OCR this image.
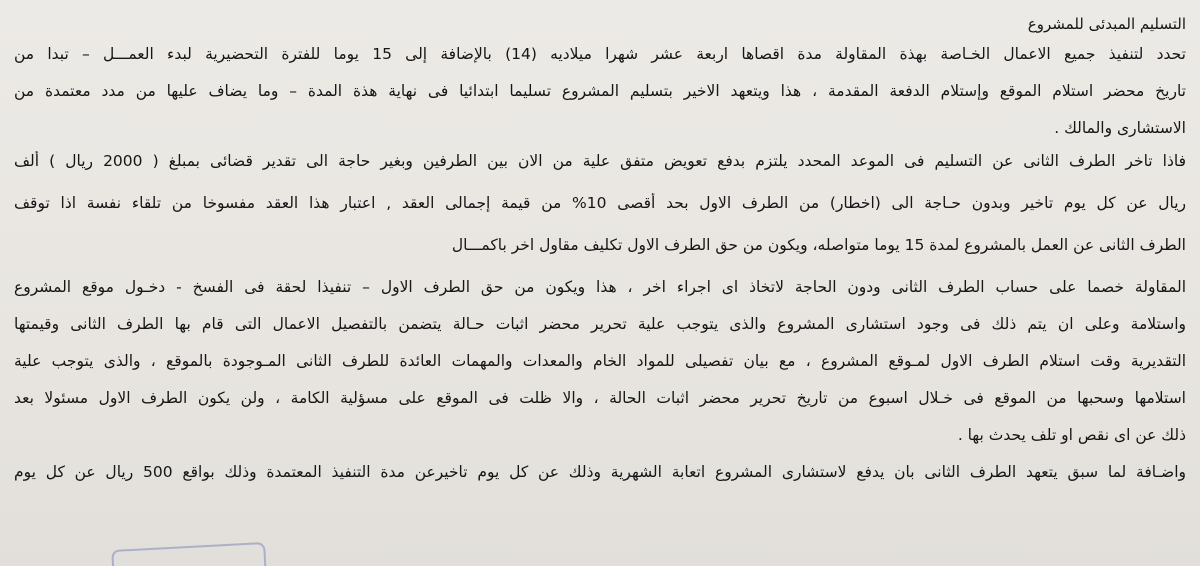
التسليم المبدئى للمشروع

تحدد لتنفيذ جميع الاعمال الخـاصة بهذة المقاولة مدة اقصاها اربعة عشر شهرا ميلاديه (14) بالإضافة إلى 15 يوما للفترة التحضيرية لبدء العمـــل – تبدا من

تاريخ محضر استلام الموقع وإستلام الدفعة المقدمة ، هذا ويتعهد الاخير بتسليم المشروع تسليما ابتدائيا فى نهاية هذة المدة – وما يضاف عليها من مدد معتمدة من

الاستشارى والمالك .

فاذا تاخر الطرف الثانى عن التسليم فى الموعد المحدد يلتزم بدفع تعويض متفق علية من الان بين الطرفين وبغير حاجة الى تقدير قضائى بمبلغ ( 2000 ريال ) ألف

ريال عن كل يوم تاخير وبدون حـاجة الى (اخطار) من الطرف الاول بحد أقصى 10% من قيمة إجمالى العقد , اعتبار هذا العقد مفسوخا من تلقاء نفسة اذا توقف

الطرف الثانى عن العمل بالمشروع لمدة 15 يوما متواصله، ويكون من حق الطرف الاول تكليف مقاول اخر باكمـــال

المقاولة خصما على حساب الطرف الثانى ودون الحاجة لاتخاذ اى اجراء اخر ، هذا ويكون من حق الطرف الاول – تنفيذا لحقة فى الفسخ - دخـول موقع المشروع

واستلامة وعلى ان يتم ذلك فى وجود استشارى المشروع والذى يتوجب علية تحرير محضر اثبات حـالة يتضمن بالتفصيل الاعمال التى قام بها الطرف الثانى وقيمتها

التقديرية وقت استلام الطرف الاول لمـوقع المشروع ، مع بيان تفصيلى للمواد الخام والمعدات والمهمات العائدة للطرف الثانى المـوجودة بالموقع ، والذى يتوجب علية

استلامها وسحبها من الموقع فى خـلال اسبوع من تاريخ تحرير محضر اثبات الحالة ، والا ظلت فى الموقع على مسؤلية الكامة ، ولن يكون الطرف الاول مسئولا بعد

ذلك عن اى نقص او تلف يحدث بها .

واضـافة لما سبق يتعهد الطرف الثانى بان يدفع لاستشارى المشروع اتعابة الشهرية وذلك عن كل يوم تاخيرعن مدة التنفيذ المعتمدة وذلك بواقع 500 ريال عن كل يوم
